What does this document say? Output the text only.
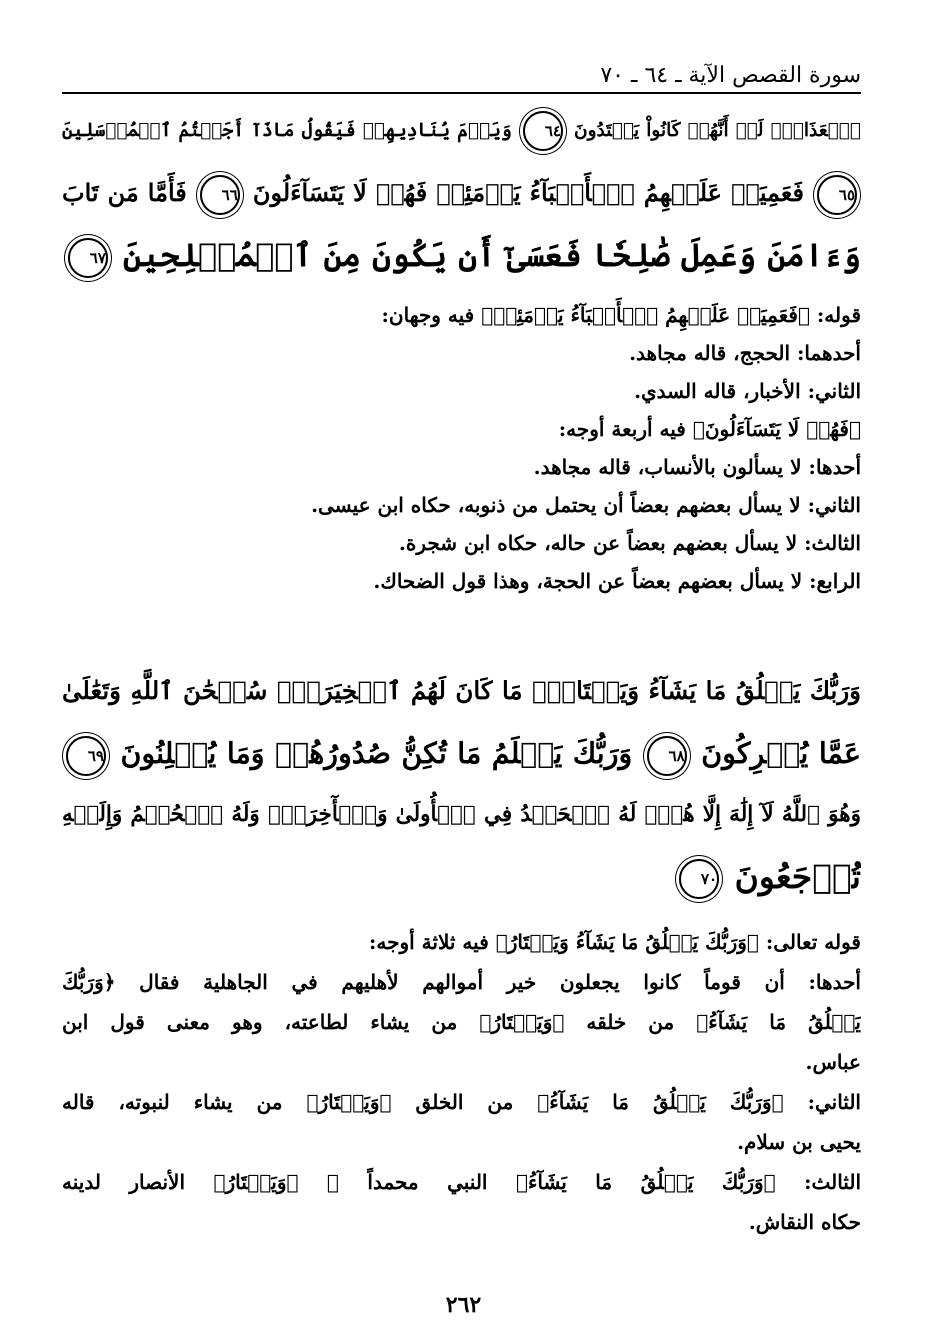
سورة القصص الآية ـ ٦٤ ـ ٧٠
ٱلۡعَذَابَۚ لَوۡ أَنَّهُمۡ كَانُواْ يَهۡتَدُونَ ٦٤ وَيَوۡمَ يُنَادِيهِمۡ فَيَقُولُ مَاذَآ أَجَبۡتُمُ ٱلۡمُرۡسَلِينَ
٦٥ فَعَمِيَتۡ عَلَيۡهِمُ ٱلۡأَنۢبَآءُ يَوۡمَئِذٖ فَهُمۡ لَا يَتَسَآءَلُونَ ٦٦ فَأَمَّا مَن تَابَ
وَءَامَنَ وَعَمِلَ صَٰلِحٗا فَعَسَىٰٓ أَن يَكُونَ مِنَ ٱلۡمُفۡلِحِينَ ٦٧
قوله: ﴿فَعَمِيَتۡ عَلَيۡهِمُ ٱلۡأَنۢبَآءُ يَوۡمَئِذٖ﴾ فيه وجهان:
أحدهما: الحجج، قاله مجاهد.
الثاني: الأخبار، قاله السدي.
﴿فَهُمۡ لَا يَتَسَآءَلُونَ﴾ فيه أربعة أوجه:
أحدها: لا يسألون بالأنساب، قاله مجاهد.
الثاني: لا يسأل بعضهم بعضاً أن يحتمل من ذنوبه، حكاه ابن عيسى.
الثالث: لا يسأل بعضهم بعضاً عن حاله، حكاه ابن شجرة.
الرابع: لا يسأل بعضهم بعضاً عن الحجة، وهذا قول الضحاك.
وَرَبُّكَ يَخۡلُقُ مَا يَشَآءُ وَيَخۡتَارُۗ مَا كَانَ لَهُمُ ٱلۡخِيَرَةُۚ سُبۡحَٰنَ ٱللَّهِ وَتَعَٰلَىٰ
عَمَّا يُشۡرِكُونَ ٦٨ وَرَبُّكَ يَعۡلَمُ مَا تُكِنُّ صُدُورُهُمۡ وَمَا يُعۡلِنُونَ ٦٩
وَهُوَ ٱللَّهُ لَآ إِلَٰهَ إِلَّا هُوَۖ لَهُ ٱلۡحَمۡدُ فِي ٱلۡأُولَىٰ وَٱلۡأٓخِرَةِۖ وَلَهُ ٱلۡحُكۡمُ وَإِلَيۡهِ
تُرۡجَعُونَ ٧٠
قوله تعالى: ﴿وَرَبُّكَ يَخۡلُقُ مَا يَشَآءُ وَيَخۡتَارُ﴾ فيه ثلاثة أوجه:
أحدها: أن قوماً كانوا يجعلون خير أموالهم لأهليهم في الجاهلية فقال ﴿وَرَبُّكَ
يَخۡلُقُ مَا يَشَآءُ﴾ من خلقه ﴿وَيَخۡتَارُ﴾ من يشاء لطاعته، وهو معنى قول ابن
عباس.
الثاني: ﴿وَرَبُّكَ يَخۡلُقُ مَا يَشَآءُ﴾ من الخلق ﴿وَيَخۡتَارُ﴾ من يشاء لنبوته، قاله
يحيى بن سلام.
الثالث: ﴿وَرَبُّكَ يَخۡلُقُ مَا يَشَآءُ﴾ النبي محمداً ﷺ ﴿وَيَخۡتَارُ﴾ الأنصار لدينه
حكاه النقاش.
٢٦٢
